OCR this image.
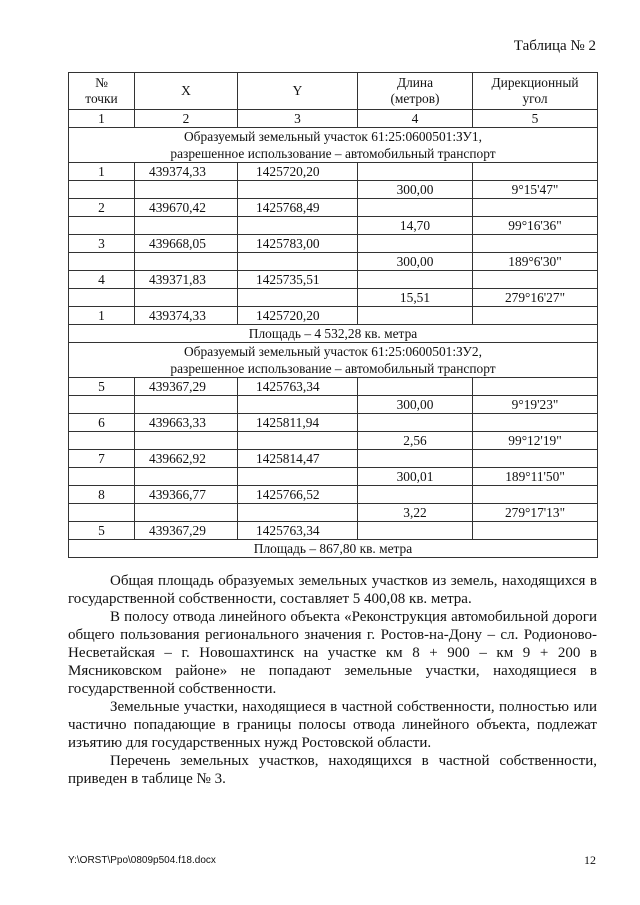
Таблица № 2
№
точки	X	Y	Длина
(метров)	Дирекционный
угол
1	2	3	4	5
Образуемый земельный участок 61:25:0600501:ЗУ1,
разрешенное использование – автомобильный транспорт				
1	439374,33	1425720,20		
			300,00	9°15'47"
2	439670,42	1425768,49		
			14,70	99°16'36"
3	439668,05	1425783,00		
			300,00	189°6'30"
4	439371,83	1425735,51		
			15,51	279°16'27"
1	439374,33	1425720,20		
Площадь – 4 532,28 кв. метра				
Образуемый земельный участок 61:25:0600501:ЗУ2,
разрешенное использование – автомобильный транспорт				
5	439367,29	1425763,34		
			300,00	9°19'23"
6	439663,33	1425811,94		
			2,56	99°12'19"
7	439662,92	1425814,47		
			300,01	189°11'50"
8	439366,77	1425766,52		
			3,22	279°17'13"
5	439367,29	1425763,34		
Площадь – 867,80 кв. метра				

Общая площадь образуемых земельных участков из земель, находящихся в государственной собственности, составляет 5 400,08 кв. метра.

В полосу отвода линейного объекта «Реконструкция автомобильной дороги общего пользования регионального значения г. Ростов-на-Дону – сл. Родионово-Несветайская – г. Новошахтинск на участке км 8 + 900 – км 9 + 200 в Мясниковском районе» не попадают земельные участки, находящиеся в государственной собственности.

Земельные участки, находящиеся в частной собственности, полностью или частично попадающие в границы полосы отвода линейного объекта, подлежат изъятию для государственных нужд Ростовской области.

Перечень земельных участков, находящихся в частной собственности, приведен в таблице № 3.

Y:\ORST\Ppo\0809p504.f18.docx	12
